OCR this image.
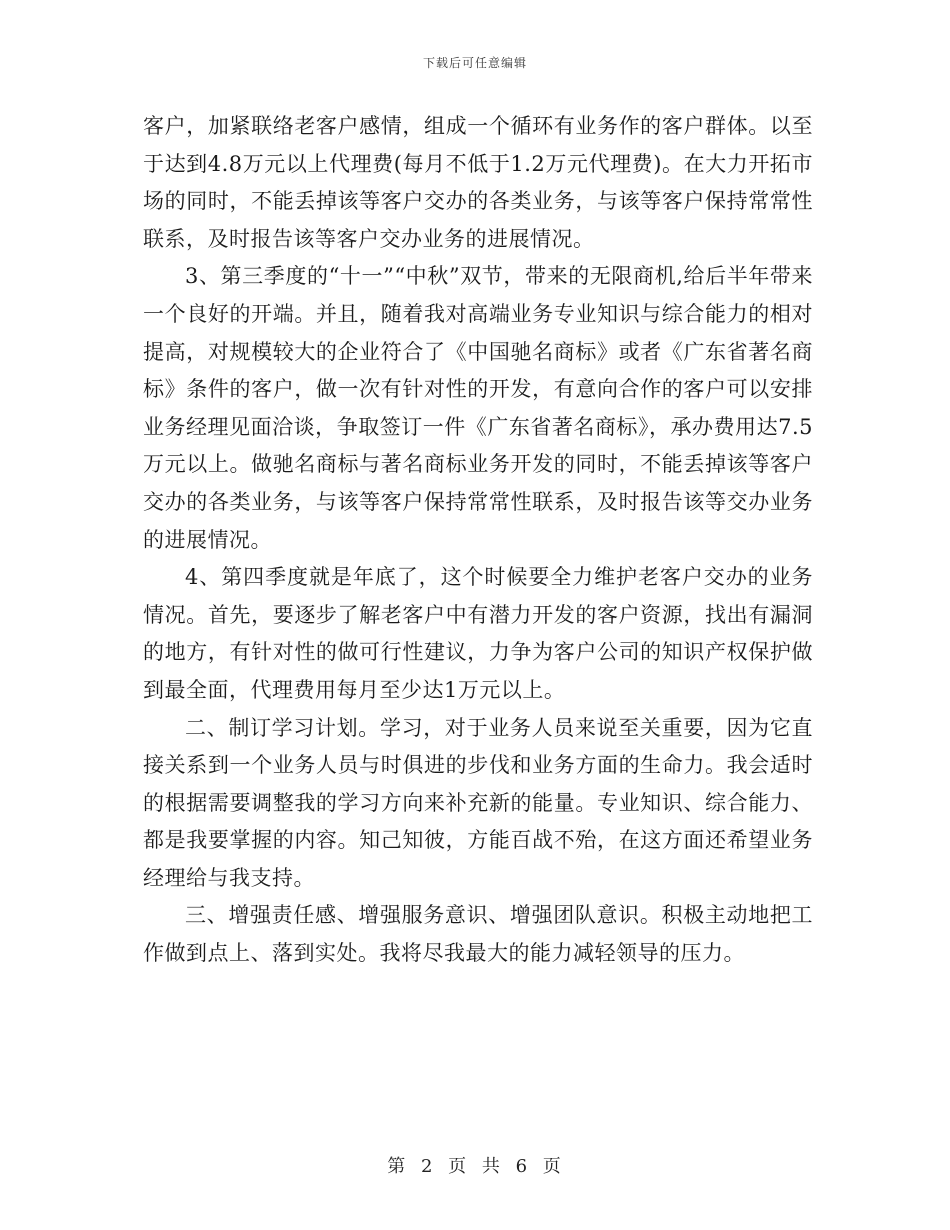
下载后可任意编辑

客户，加紧联络老客户感情，组成一个循环有业务作的客户群体。以至于达到4.8万元以上代理费(每月不低于1.2万元代理费)。在大力开拓市场的同时，不能丢掉该等客户交办的各类业务，与该等客户保持常常性联系，及时报告该等客户交办业务的进展情况。

3、第三季度的“十一”“中秋”双节，带来的无限商机,给后半年带来一个良好的开端。并且，随着我对高端业务专业知识与综合能力的相对提高，对规模较大的企业符合了《中国驰名商标》或者《广东省著名商标》条件的客户，做一次有针对性的开发，有意向合作的客户可以安排业务经理见面洽谈，争取签订一件《广东省著名商标》，承办费用达7.5万元以上。做驰名商标与著名商标业务开发的同时，不能丢掉该等客户交办的各类业务，与该等客户保持常常性联系，及时报告该等交办业务的进展情况。

4、第四季度就是年底了，这个时候要全力维护老客户交办的业务情况。首先，要逐步了解老客户中有潜力开发的客户资源，找出有漏洞的地方，有针对性的做可行性建议，力争为客户公司的知识产权保护做到最全面，代理费用每月至少达1万元以上。

二、制订学习计划。学习，对于业务人员来说至关重要，因为它直接关系到一个业务人员与时俱进的步伐和业务方面的生命力。我会适时的根据需要调整我的学习方向来补充新的能量。专业知识、综合能力、都是我要掌握的内容。知己知彼，方能百战不殆，在这方面还希望业务经理给与我支持。

三、增强责任感、增强服务意识、增强团队意识。积极主动地把工作做到点上、落到实处。我将尽我最大的能力减轻领导的压力。

第 2 页 共 6 页
